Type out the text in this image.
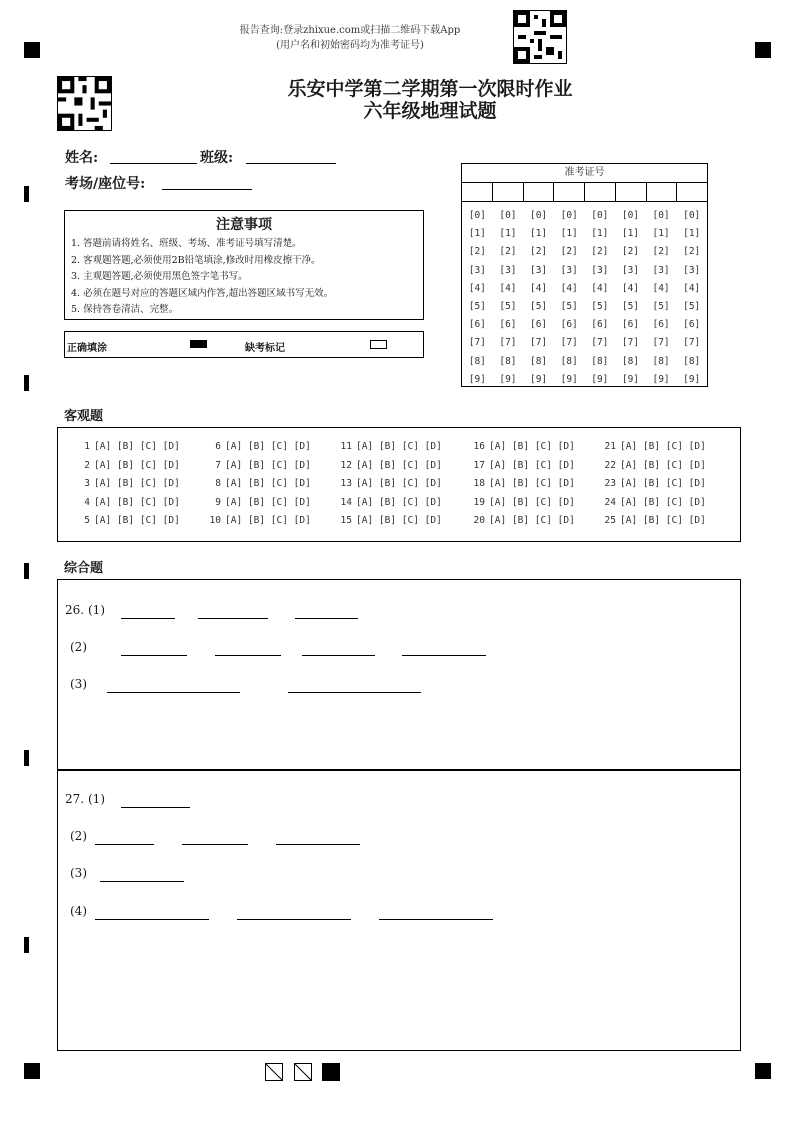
报告查询:登录zhixue.com或扫描二维码下载App
(用户名和初始密码均为准考证号)
乐安中学第二学期第一次限时作业
六年级地理试题
姓名:	班级:
考场/座位号:
注意事项

1. 答题前请将姓名、班级、考场、准考证号填写清楚。

2. 客观题答题,必须使用2B铅笔填涂,修改时用橡皮擦干净。

3. 主观题答题,必须使用黑色签字笔书写。

4. 必须在题号对应的答题区域内作答,超出答题区域书写无效。

5. 保持答卷清洁、完整。

正确填涂	缺考标记
准考证号
[0]
[1]
[2]
[3]
[4]
[5]
[6]
[7]
[8]
[9]
[0]
[1]
[2]
[3]
[4]
[5]
[6]
[7]
[8]
[9]
[0]
[1]
[2]
[3]
[4]
[5]
[6]
[7]
[8]
[9]
[0]
[1]
[2]
[3]
[4]
[5]
[6]
[7]
[8]
[9]
[0]
[1]
[2]
[3]
[4]
[5]
[6]
[7]
[8]
[9]
[0]
[1]
[2]
[3]
[4]
[5]
[6]
[7]
[8]
[9]
[0]
[1]
[2]
[3]
[4]
[5]
[6]
[7]
[8]
[9]
[0]
[1]
[2]
[3]
[4]
[5]
[6]
[7]
[8]
[9]
客观题
1 [A] [B] [C] [D]
2 [A] [B] [C] [D]
3 [A] [B] [C] [D]
4 [A] [B] [C] [D]
5 [A] [B] [C] [D]
6 [A] [B] [C] [D]
7 [A] [B] [C] [D]
8 [A] [B] [C] [D]
9 [A] [B] [C] [D]
10 [A] [B] [C] [D]
11 [A] [B] [C] [D]
12 [A] [B] [C] [D]
13 [A] [B] [C] [D]
14 [A] [B] [C] [D]
15 [A] [B] [C] [D]
16 [A] [B] [C] [D]
17 [A] [B] [C] [D]
18 [A] [B] [C] [D]
19 [A] [B] [C] [D]
20 [A] [B] [C] [D]
21 [A] [B] [C] [D]
22 [A] [B] [C] [D]
23 [A] [B] [C] [D]
24 [A] [B] [C] [D]
25 [A] [B] [C] [D]
综合题
26. (1)
(2)
(3)
27. (1)
(2)
(3)
(4)
